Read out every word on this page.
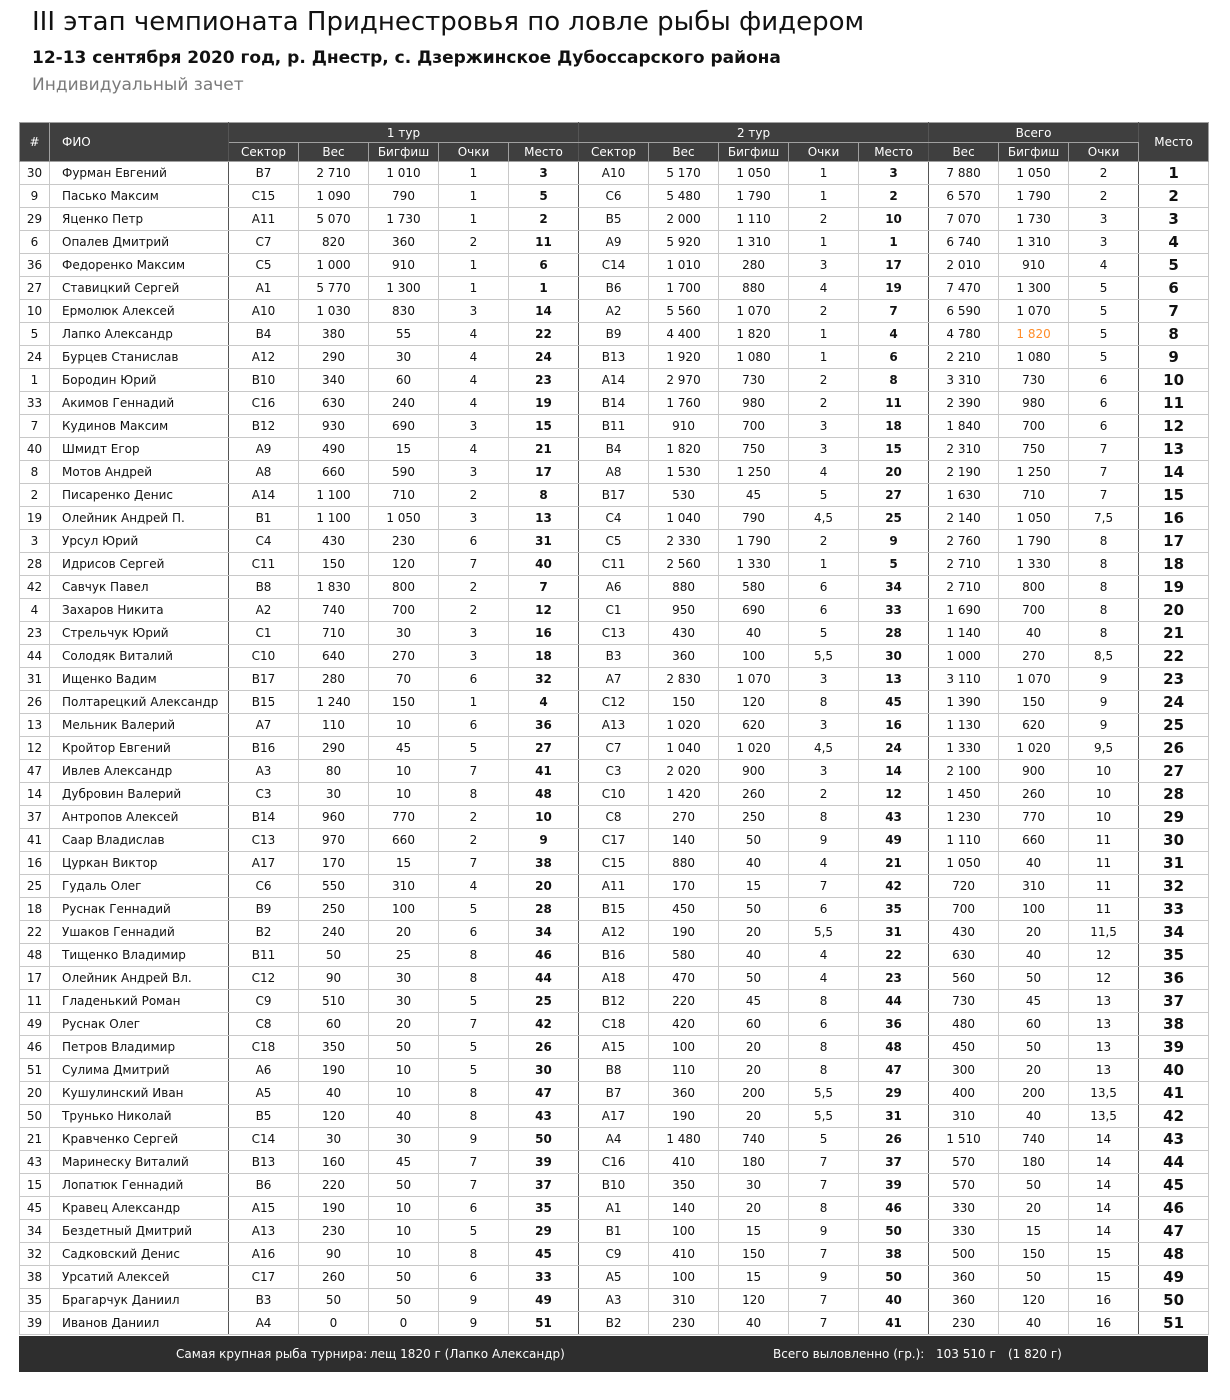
III этап чемпионата Приднестровья по ловле рыбы фидером
12-13 сентября 2020 год, р. Днестр, с. Дзержинское Дубоссарского района
Индивидуальный зачет
#	ФИО	1 тур					2 тур					Всего			Место
		Сектор	Вес	Бигфиш	Очки	Место	Сектор	Вес	Бигфиш	Очки	Место	Вес	Бигфиш	Очки	
30	Фурман Евгений	B7	2 710	1 010	1	3	A10	5 170	1 050	1	3	7 880	1 050	2	1
9	Пасько Максим	C15	1 090	790	1	5	C6	5 480	1 790	1	2	6 570	1 790	2	2
29	Яценко Петр	A11	5 070	1 730	1	2	B5	2 000	1 110	2	10	7 070	1 730	3	3
6	Опалев Дмитрий	C7	820	360	2	11	A9	5 920	1 310	1	1	6 740	1 310	3	4
36	Федоренко Максим	C5	1 000	910	1	6	C14	1 010	280	3	17	2 010	910	4	5
27	Ставицкий Сергей	A1	5 770	1 300	1	1	B6	1 700	880	4	19	7 470	1 300	5	6
10	Ермолюк Алексей	A10	1 030	830	3	14	A2	5 560	1 070	2	7	6 590	1 070	5	7
5	Лапко Александр	B4	380	55	4	22	B9	4 400	1 820	1	4	4 780	1 820	5	8
24	Бурцев Станислав	A12	290	30	4	24	B13	1 920	1 080	1	6	2 210	1 080	5	9
1	Бородин Юрий	B10	340	60	4	23	A14	2 970	730	2	8	3 310	730	6	10
33	Акимов Геннадий	C16	630	240	4	19	B14	1 760	980	2	11	2 390	980	6	11
7	Кудинов Максим	B12	930	690	3	15	B11	910	700	3	18	1 840	700	6	12
40	Шмидт Егор	A9	490	15	4	21	B4	1 820	750	3	15	2 310	750	7	13
8	Мотов Андрей	A8	660	590	3	17	A8	1 530	1 250	4	20	2 190	1 250	7	14
2	Писаренко Денис	A14	1 100	710	2	8	B17	530	45	5	27	1 630	710	7	15
19	Олейник Андрей П.	B1	1 100	1 050	3	13	C4	1 040	790	4,5	25	2 140	1 050	7,5	16
3	Урсул Юрий	C4	430	230	6	31	C5	2 330	1 790	2	9	2 760	1 790	8	17
28	Идрисов Сергей	C11	150	120	7	40	C11	2 560	1 330	1	5	2 710	1 330	8	18
42	Савчук Павел	B8	1 830	800	2	7	A6	880	580	6	34	2 710	800	8	19
4	Захаров Никита	A2	740	700	2	12	C1	950	690	6	33	1 690	700	8	20
23	Стрельчук Юрий	C1	710	30	3	16	C13	430	40	5	28	1 140	40	8	21
44	Солодяк Виталий	C10	640	270	3	18	B3	360	100	5,5	30	1 000	270	8,5	22
31	Ищенко Вадим	B17	280	70	6	32	A7	2 830	1 070	3	13	3 110	1 070	9	23
26	Полтарецкий Александр	B15	1 240	150	1	4	C12	150	120	8	45	1 390	150	9	24
13	Мельник Валерий	A7	110	10	6	36	A13	1 020	620	3	16	1 130	620	9	25
12	Кройтор Евгений	B16	290	45	5	27	C7	1 040	1 020	4,5	24	1 330	1 020	9,5	26
47	Ивлев Александр	A3	80	10	7	41	C3	2 020	900	3	14	2 100	900	10	27
14	Дубровин Валерий	C3	30	10	8	48	C10	1 420	260	2	12	1 450	260	10	28
37	Антропов Алексей	B14	960	770	2	10	C8	270	250	8	43	1 230	770	10	29
41	Саар Владислав	C13	970	660	2	9	C17	140	50	9	49	1 110	660	11	30
16	Цуркан Виктор	A17	170	15	7	38	C15	880	40	4	21	1 050	40	11	31
25	Гудаль Олег	C6	550	310	4	20	A11	170	15	7	42	720	310	11	32
18	Руснак Геннадий	B9	250	100	5	28	B15	450	50	6	35	700	100	11	33
22	Ушаков Геннадий	B2	240	20	6	34	A12	190	20	5,5	31	430	20	11,5	34
48	Тищенко Владимир	B11	50	25	8	46	B16	580	40	4	22	630	40	12	35
17	Олейник Андрей Вл.	C12	90	30	8	44	A18	470	50	4	23	560	50	12	36
11	Гладенький Роман	C9	510	30	5	25	B12	220	45	8	44	730	45	13	37
49	Руснак Олег	C8	60	20	7	42	C18	420	60	6	36	480	60	13	38
46	Петров Владимир	C18	350	50	5	26	A15	100	20	8	48	450	50	13	39
51	Сулима Дмитрий	A6	190	10	5	30	B8	110	20	8	47	300	20	13	40
20	Кушулинский Иван	A5	40	10	8	47	B7	360	200	5,5	29	400	200	13,5	41
50	Трунько Николай	B5	120	40	8	43	A17	190	20	5,5	31	310	40	13,5	42
21	Кравченко Сергей	C14	30	30	9	50	A4	1 480	740	5	26	1 510	740	14	43
43	Маринеску Виталий	B13	160	45	7	39	C16	410	180	7	37	570	180	14	44
15	Лопатюк Геннадий	B6	220	50	7	37	B10	350	30	7	39	570	50	14	45
45	Кравец Александр	A15	190	10	6	35	A1	140	20	8	46	330	20	14	46
34	Бездетный Дмитрий	A13	230	10	5	29	B1	100	15	9	50	330	15	14	47
32	Садковский Денис	A16	90	10	8	45	C9	410	150	7	38	500	150	15	48
38	Урсатий Алексей	C17	260	50	6	33	A5	100	15	9	50	360	50	15	49
35	Брагарчук Даниил	B3	50	50	9	49	A3	310	120	7	40	360	120	16	50
39	Иванов Даниил	A4	0	0	9	51	B2	230	40	7	41	230	40	16	51
Самая крупная рыба турнира: лещ 1820 г (Лапко Александр)	Всего выловленно (гр.): 103 510 г (1 820 г)
